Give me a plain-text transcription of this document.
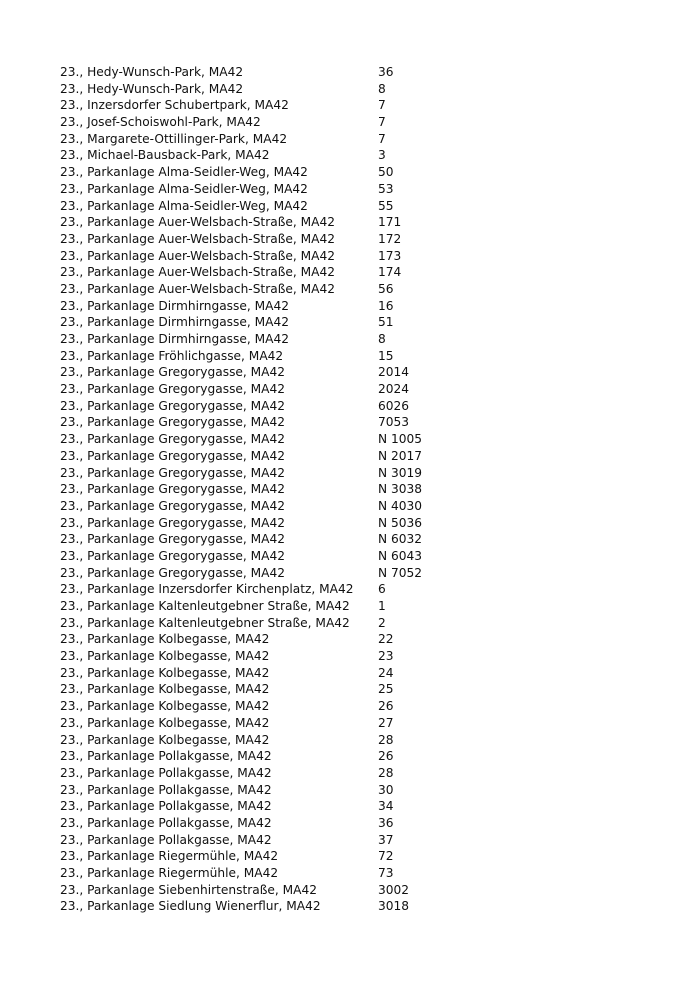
23., Hedy-Wunsch-Park, MA42	36
23., Hedy-Wunsch-Park, MA42	8
23., Inzersdorfer Schubertpark, MA42	7
23., Josef-Schoiswohl-Park, MA42	7
23., Margarete-Ottillinger-Park, MA42	7
23., Michael-Bausback-Park, MA42	3
23., Parkanlage Alma-Seidler-Weg, MA42	50
23., Parkanlage Alma-Seidler-Weg, MA42	53
23., Parkanlage Alma-Seidler-Weg, MA42	55
23., Parkanlage Auer-Welsbach-Straße, MA42	171
23., Parkanlage Auer-Welsbach-Straße, MA42	172
23., Parkanlage Auer-Welsbach-Straße, MA42	173
23., Parkanlage Auer-Welsbach-Straße, MA42	174
23., Parkanlage Auer-Welsbach-Straße, MA42	56
23., Parkanlage Dirmhirngasse, MA42	16
23., Parkanlage Dirmhirngasse, MA42	51
23., Parkanlage Dirmhirngasse, MA42	8
23., Parkanlage Fröhlichgasse, MA42	15
23., Parkanlage Gregorygasse, MA42	2014
23., Parkanlage Gregorygasse, MA42	2024
23., Parkanlage Gregorygasse, MA42	6026
23., Parkanlage Gregorygasse, MA42	7053
23., Parkanlage Gregorygasse, MA42	N 1005
23., Parkanlage Gregorygasse, MA42	N 2017
23., Parkanlage Gregorygasse, MA42	N 3019
23., Parkanlage Gregorygasse, MA42	N 3038
23., Parkanlage Gregorygasse, MA42	N 4030
23., Parkanlage Gregorygasse, MA42	N 5036
23., Parkanlage Gregorygasse, MA42	N 6032
23., Parkanlage Gregorygasse, MA42	N 6043
23., Parkanlage Gregorygasse, MA42	N 7052
23., Parkanlage Inzersdorfer Kirchenplatz, MA42	6
23., Parkanlage Kaltenleutgebner Straße, MA42	1
23., Parkanlage Kaltenleutgebner Straße, MA42	2
23., Parkanlage Kolbegasse, MA42	22
23., Parkanlage Kolbegasse, MA42	23
23., Parkanlage Kolbegasse, MA42	24
23., Parkanlage Kolbegasse, MA42	25
23., Parkanlage Kolbegasse, MA42	26
23., Parkanlage Kolbegasse, MA42	27
23., Parkanlage Kolbegasse, MA42	28
23., Parkanlage Pollakgasse, MA42	26
23., Parkanlage Pollakgasse, MA42	28
23., Parkanlage Pollakgasse, MA42	30
23., Parkanlage Pollakgasse, MA42	34
23., Parkanlage Pollakgasse, MA42	36
23., Parkanlage Pollakgasse, MA42	37
23., Parkanlage Riegermühle, MA42	72
23., Parkanlage Riegermühle, MA42	73
23., Parkanlage Siebenhirtenstraße, MA42	3002
23., Parkanlage Siedlung Wienerflur, MA42	3018
